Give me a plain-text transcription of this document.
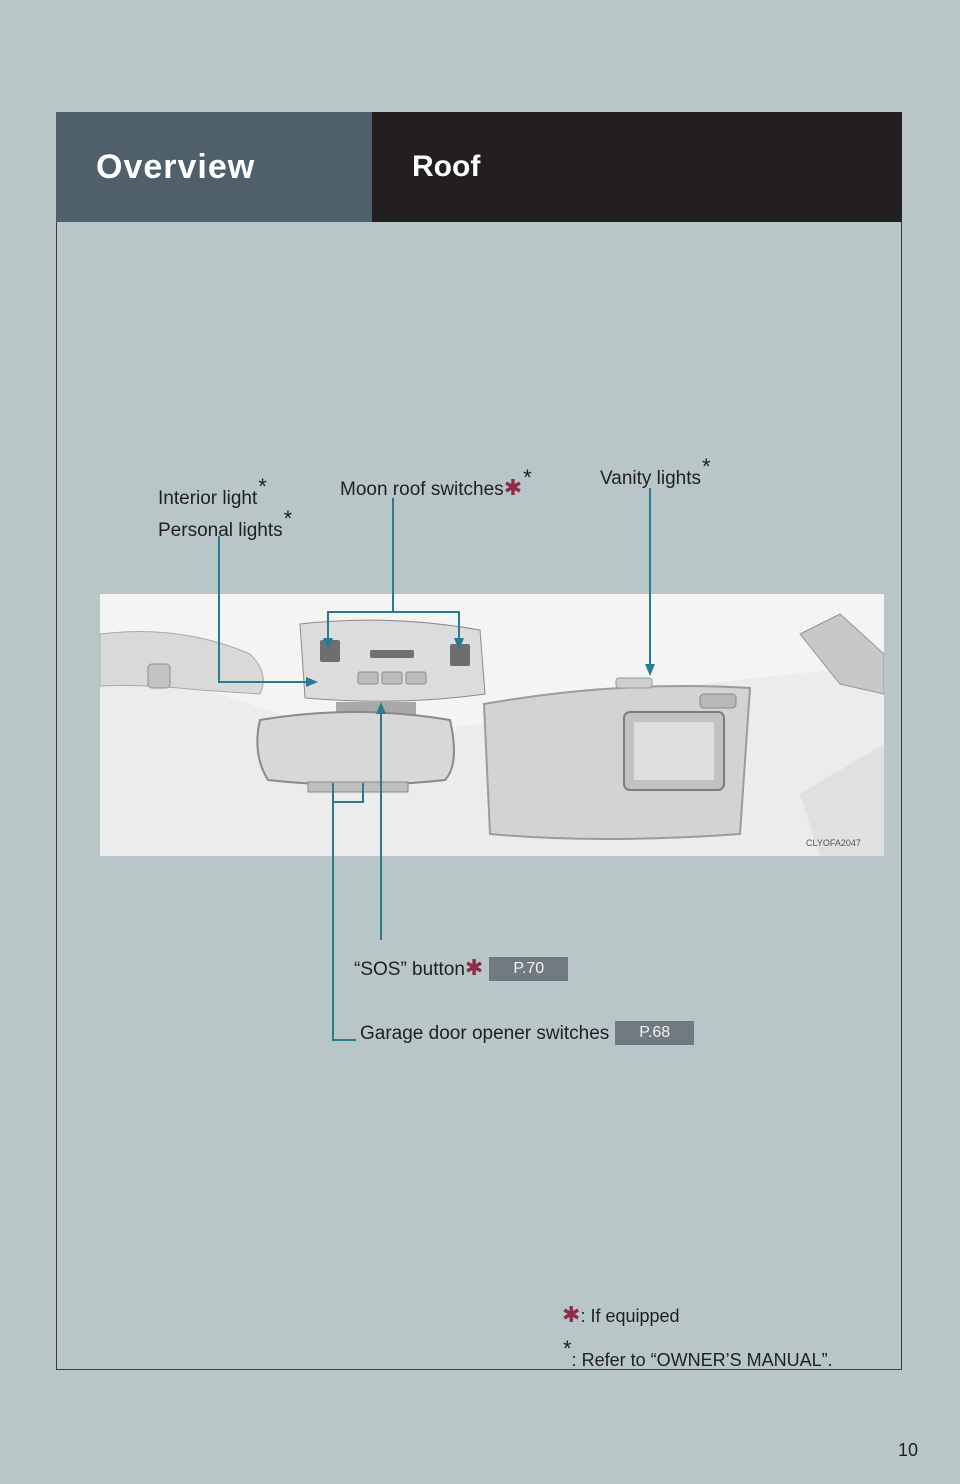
Overview	Roof
Interior light*
Personal lights*
Moon roof switches✱*	Vanity lights*
CLYOFA2047
“SOS” button✱ P.70
Garage door opener switches P.68
✱: If equipped
*: Refer to “OWNER’S MANUAL”.
10
